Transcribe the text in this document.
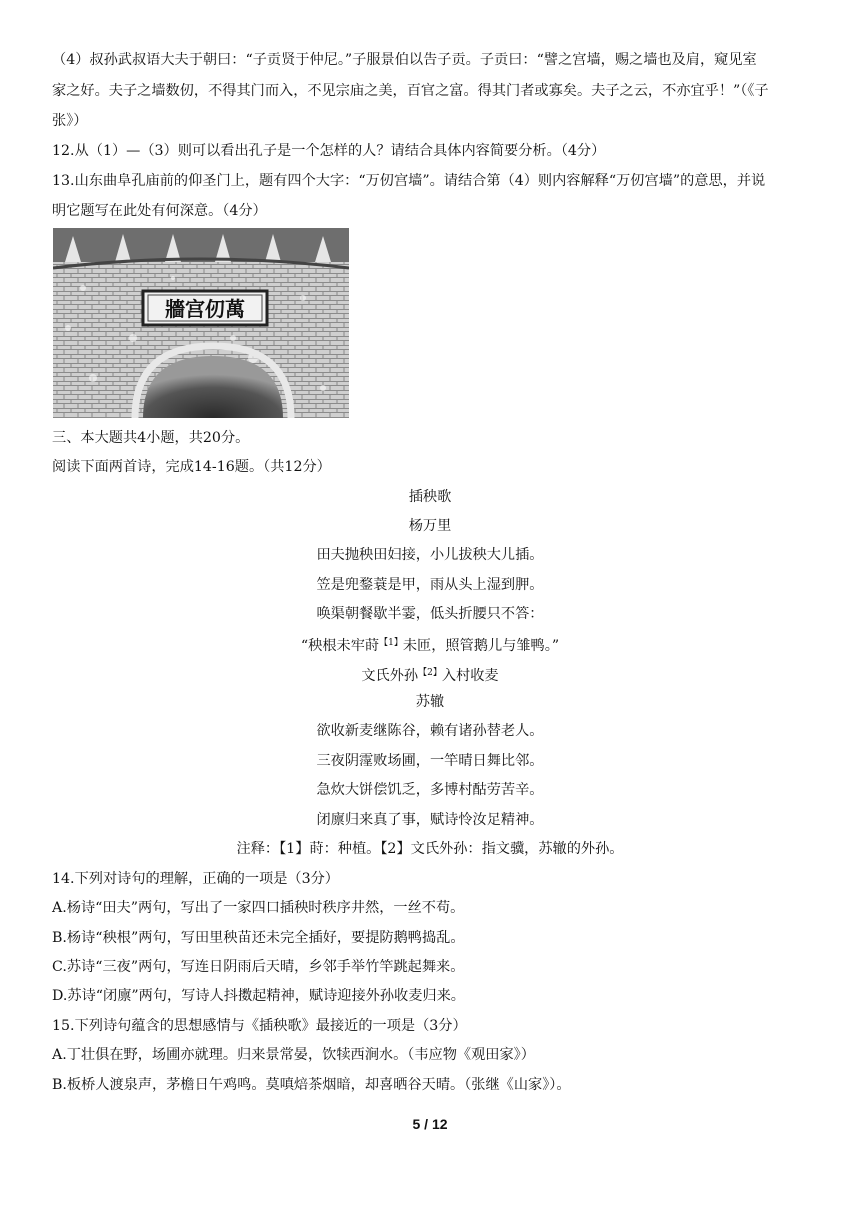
（4）叔孙武叔语大夫于朝曰：“子贡贤于仲尼。”子服景伯以告子贡。子贡曰：“譬之宫墙，赐之墙也及肩，窥见室
家之好。夫子之墙数仞，不得其门而入，不见宗庙之美，百官之富。得其门者或寡矣。夫子之云，不亦宜乎！”（《子
张》）
12.从（1）—（3）则可以看出孔子是一个怎样的人？请结合具体内容简要分析。（4分）
13.山东曲阜孔庙前的仰圣门上，题有四个大字：“万仞宫墙”。请结合第（4）则内容解释“万仞宫墙”的意思，并说
明它题写在此处有何深意。（4分）
牆宫仞萬
三、本大题共4小题，共20分。
阅读下面两首诗，完成14-16题。（共12分）
插秧歌
杨万里
田夫抛秧田妇接，小儿拔秧大儿插。
笠是兜鍪蓑是甲，雨从头上湿到胛。
唤渠朝餐歇半霎，低头折腰只不答：
“秧根未牢莳$^{【1】}$未匝，照管鹅儿与雏鸭。”
文氏外孙$^{【2】}$入村收麦
苏辙
欲收新麦继陈谷，赖有诸孙替老人。
三夜阴霪败场圃，一竿晴日舞比邻。
急炊大饼偿饥乏，多博村酤劳苦辛。
闭廪归来真了事，赋诗怜汝足精神。
注释：【1】莳：种植。【2】文氏外孙：指文骥，苏辙的外孙。
14.下列对诗句的理解，正确的一项是（3分）
A.杨诗“田夫”两句，写出了一家四口插秧时秩序井然，一丝不苟。
B.杨诗“秧根”两句，写田里秧苗还未完全插好，要提防鹅鸭捣乱。
C.苏诗“三夜”两句，写连日阴雨后天晴，乡邻手举竹竿跳起舞来。
D.苏诗“闭廪”两句，写诗人抖擞起精神，赋诗迎接外孙收麦归来。
15.下列诗句蕴含的思想感情与《插秧歌》最接近的一项是（3分）
A.丁壮俱在野，场圃亦就理。归来景常晏，饮犊西涧水。（韦应物《观田家》）
B.板桥人渡泉声，茅檐日午鸡鸣。莫嗔焙茶烟暗，却喜晒谷天晴。（张继《山家》）。
5 / 12
